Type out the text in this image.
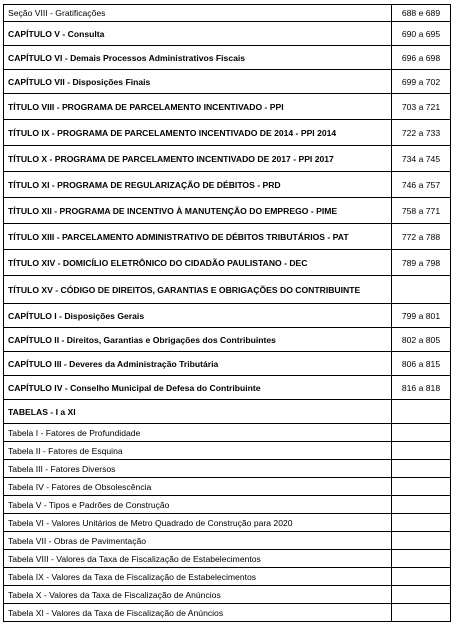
Seção VIII - Gratificações	688 e 689
CAPÍTULO V - Consulta	690 a 695
CAPÍTULO VI - Demais Processos Administrativos Fiscais	696 a 698
CAPÍTULO VII - Disposições Finais	699 a 702
TÍTULO VIII - PROGRAMA DE PARCELAMENTO INCENTIVADO - PPI	703 a 721
TÍTULO IX - PROGRAMA DE PARCELAMENTO INCENTIVADO DE 2014 - PPI 2014	722 a 733
TÍTULO X - PROGRAMA DE PARCELAMENTO INCENTIVADO DE 2017 - PPI 2017	734 a 745
TÍTULO XI - PROGRAMA DE REGULARIZAÇÃO DE DÉBITOS - PRD	746 a 757
TÍTULO XII - PROGRAMA DE INCENTIVO À MANUTENÇÃO DO EMPREGO - PIME	758 a 771
TÍTULO XIII - PARCELAMENTO ADMINISTRATIVO DE DÉBITOS TRIBUTÁRIOS - PAT	772 a 788
TÍTULO XIV - DOMICÍLIO ELETRÔNICO DO CIDADÃO PAULISTANO - DEC	789 a 798
TÍTULO XV - CÓDIGO DE DIREITOS, GARANTIAS E OBRIGAÇÕES DO CONTRIBUINTE	
CAPÍTULO I - Disposições Gerais	799 a 801
CAPÍTULO II - Direitos, Garantias e Obrigações dos Contribuintes	802 a 805
CAPÍTULO III - Deveres da Administração Tributária	806 a 815
CAPÍTULO IV - Conselho Municipal de Defesa do Contribuinte	816 a 818
TABELAS - I a XI	
Tabela I - Fatores de Profundidade	
Tabela II - Fatores de Esquina	
Tabela III - Fatores Diversos	
Tabela IV - Fatores de Obsolescência	
Tabela V - Tipos e Padrões de Construção	
Tabela VI - Valores Unitários de Metro Quadrado de Construção para 2020	
Tabela VII - Obras de Pavimentação	
Tabela VIII - Valores da Taxa de Fiscalização de Estabelecimentos	
Tabela IX - Valores da Taxa de Fiscalização de Estabelecimentos	
Tabela X - Valores da Taxa de Fiscalização de Anúncios	
Tabela XI - Valores da Taxa de Fiscalização de Anúncios	
